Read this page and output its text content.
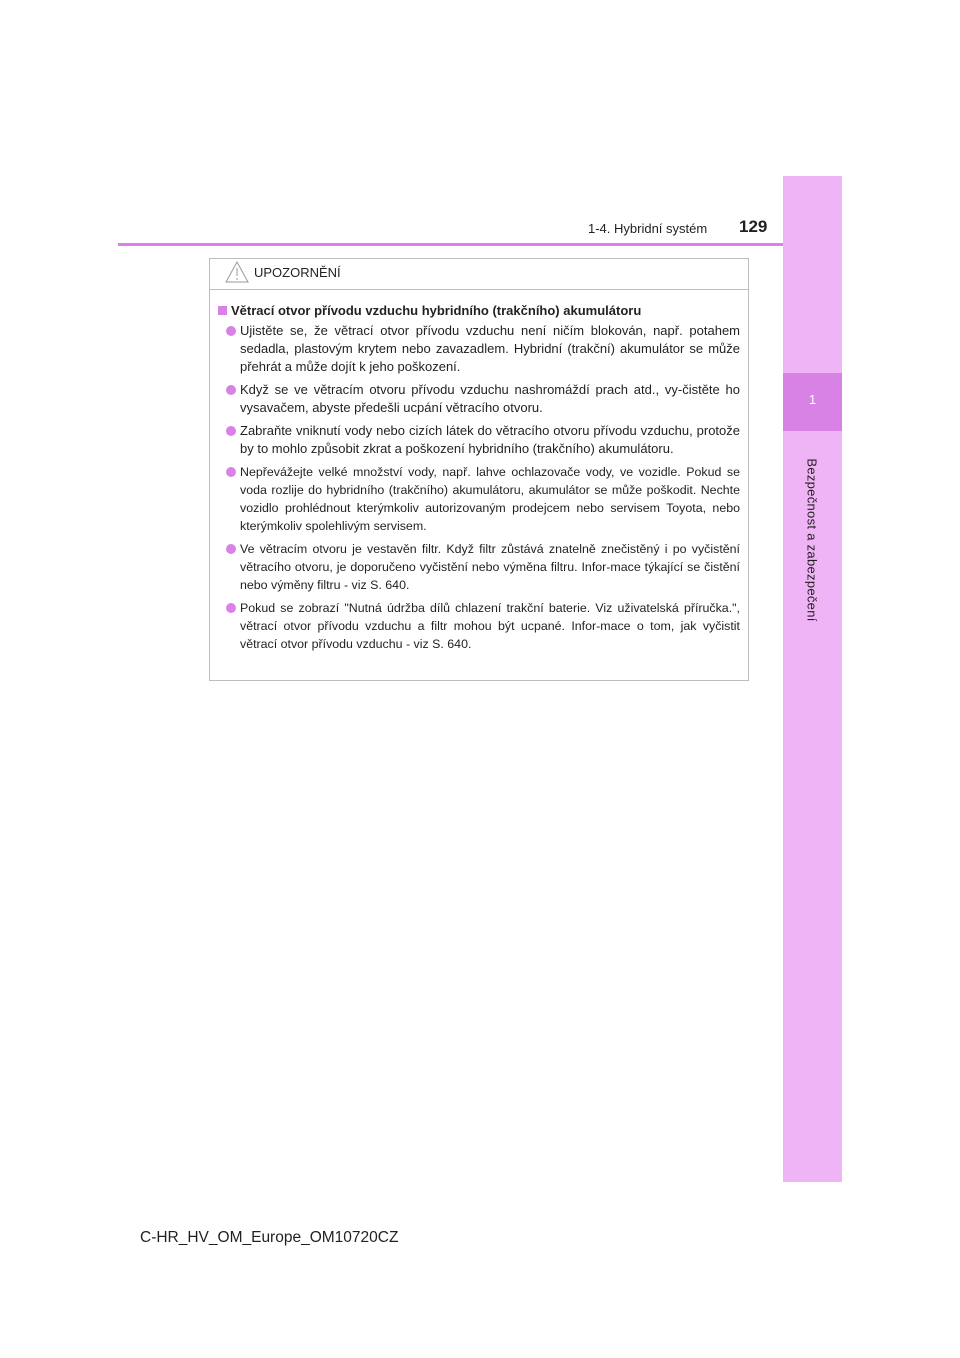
1
Bezpečnost a zabezpečení
1-4. Hybridní systém 129
UPOZORNĚNÍ
Větrací otvor přívodu vzduchu hybridního (trakčního) akumulátoru
Ujistěte se, že větrací otvor přívodu vzduchu není ničím blokován, např. potahem sedadla, plastovým krytem nebo zavazadlem. Hybridní (trakční) akumulátor se může přehrát a může dojít k jeho poškození.
Když se ve větracím otvoru přívodu vzduchu nashromáždí prach atd., vy-čistěte ho vysavačem, abyste předešli ucpání větracího otvoru.
Zabraňte vniknutí vody nebo cizích látek do větracího otvoru přívodu vzduchu, protože by to mohlo způsobit zkrat a poškození hybridního (trakčního) akumulátoru.
Nepřevážejte velké množství vody, např. lahve ochlazovače vody, ve vozidle. Pokud se voda rozlije do hybridního (trakčního) akumulátoru, akumulátor se může poškodit. Nechte vozidlo prohlédnout kterýmkoliv autorizovaným prodejcem nebo servisem Toyota, nebo kterýmkoliv spolehlivým servisem.
Ve větracím otvoru je vestavěn filtr. Když filtr zůstává znatelně znečistěný i po vyčistění větracího otvoru, je doporučeno vyčistění nebo výměna filtru. Infor-mace týkající se čistění nebo výměny filtru - viz S. 640.
Pokud se zobrazí "Nutná údržba dílů chlazení trakční baterie. Viz uživatelská příručka.", větrací otvor přívodu vzduchu a filtr mohou být ucpané. Infor-mace o tom, jak vyčistit větrací otvor přívodu vzduchu - viz S. 640.
C-HR_HV_OM_Europe_OM10720CZ
